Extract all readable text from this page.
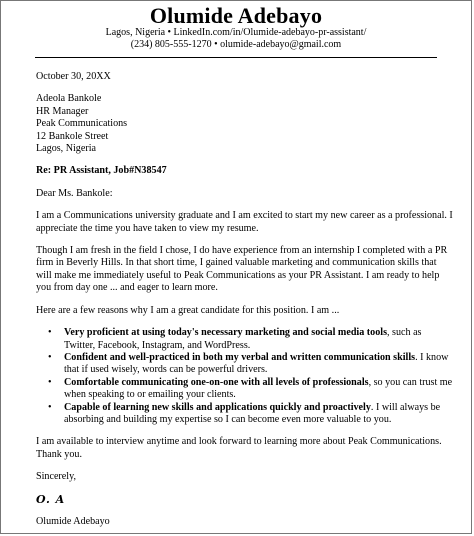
Olumide Adebayo
Lagos, Nigeria • LinkedIn.com/in/Olumide-adebayo-pr-assistant/
(234) 805-555-1270 • olumide-adebayo@gmail.com

October 30, 20XX

Adeola Bankole

HR Manager

Peak Communications

12 Bankole Street

Lagos, Nigeria

Re: PR Assistant, Job#N38547

Dear Ms. Bankole:

I am a Communications university graduate and I am excited to start my new career as a professional. I appreciate the time you have taken to view my resume.

Though I am fresh in the field I chose, I do have experience from an internship I completed with a PR firm in Beverly Hills. In that short time, I gained valuable marketing and communication skills that will make me immediately useful to Peak Communications as your PR Assistant. I am ready to help you from day one ... and eager to learn more.

Here are a few reasons why I am a great candidate for this position. I am ...

• Very proficient at using today's necessary marketing and social media tools, such as Twitter, Facebook, Instagram, and WordPress.
• Confident and well-practiced in both my verbal and written communication skills. I know that if used wisely, words can be powerful drivers.
• Comfortable communicating one-on-one with all levels of professionals, so you can trust me when speaking to or emailing your clients.
• Capable of learning new skills and applications quickly and proactively. I will always be absorbing and building my expertise so I can become even more valuable to you.

I am available to interview anytime and look forward to learning more about Peak Communications. Thank you.

Sincerely,

O. A

Olumide Adebayo
